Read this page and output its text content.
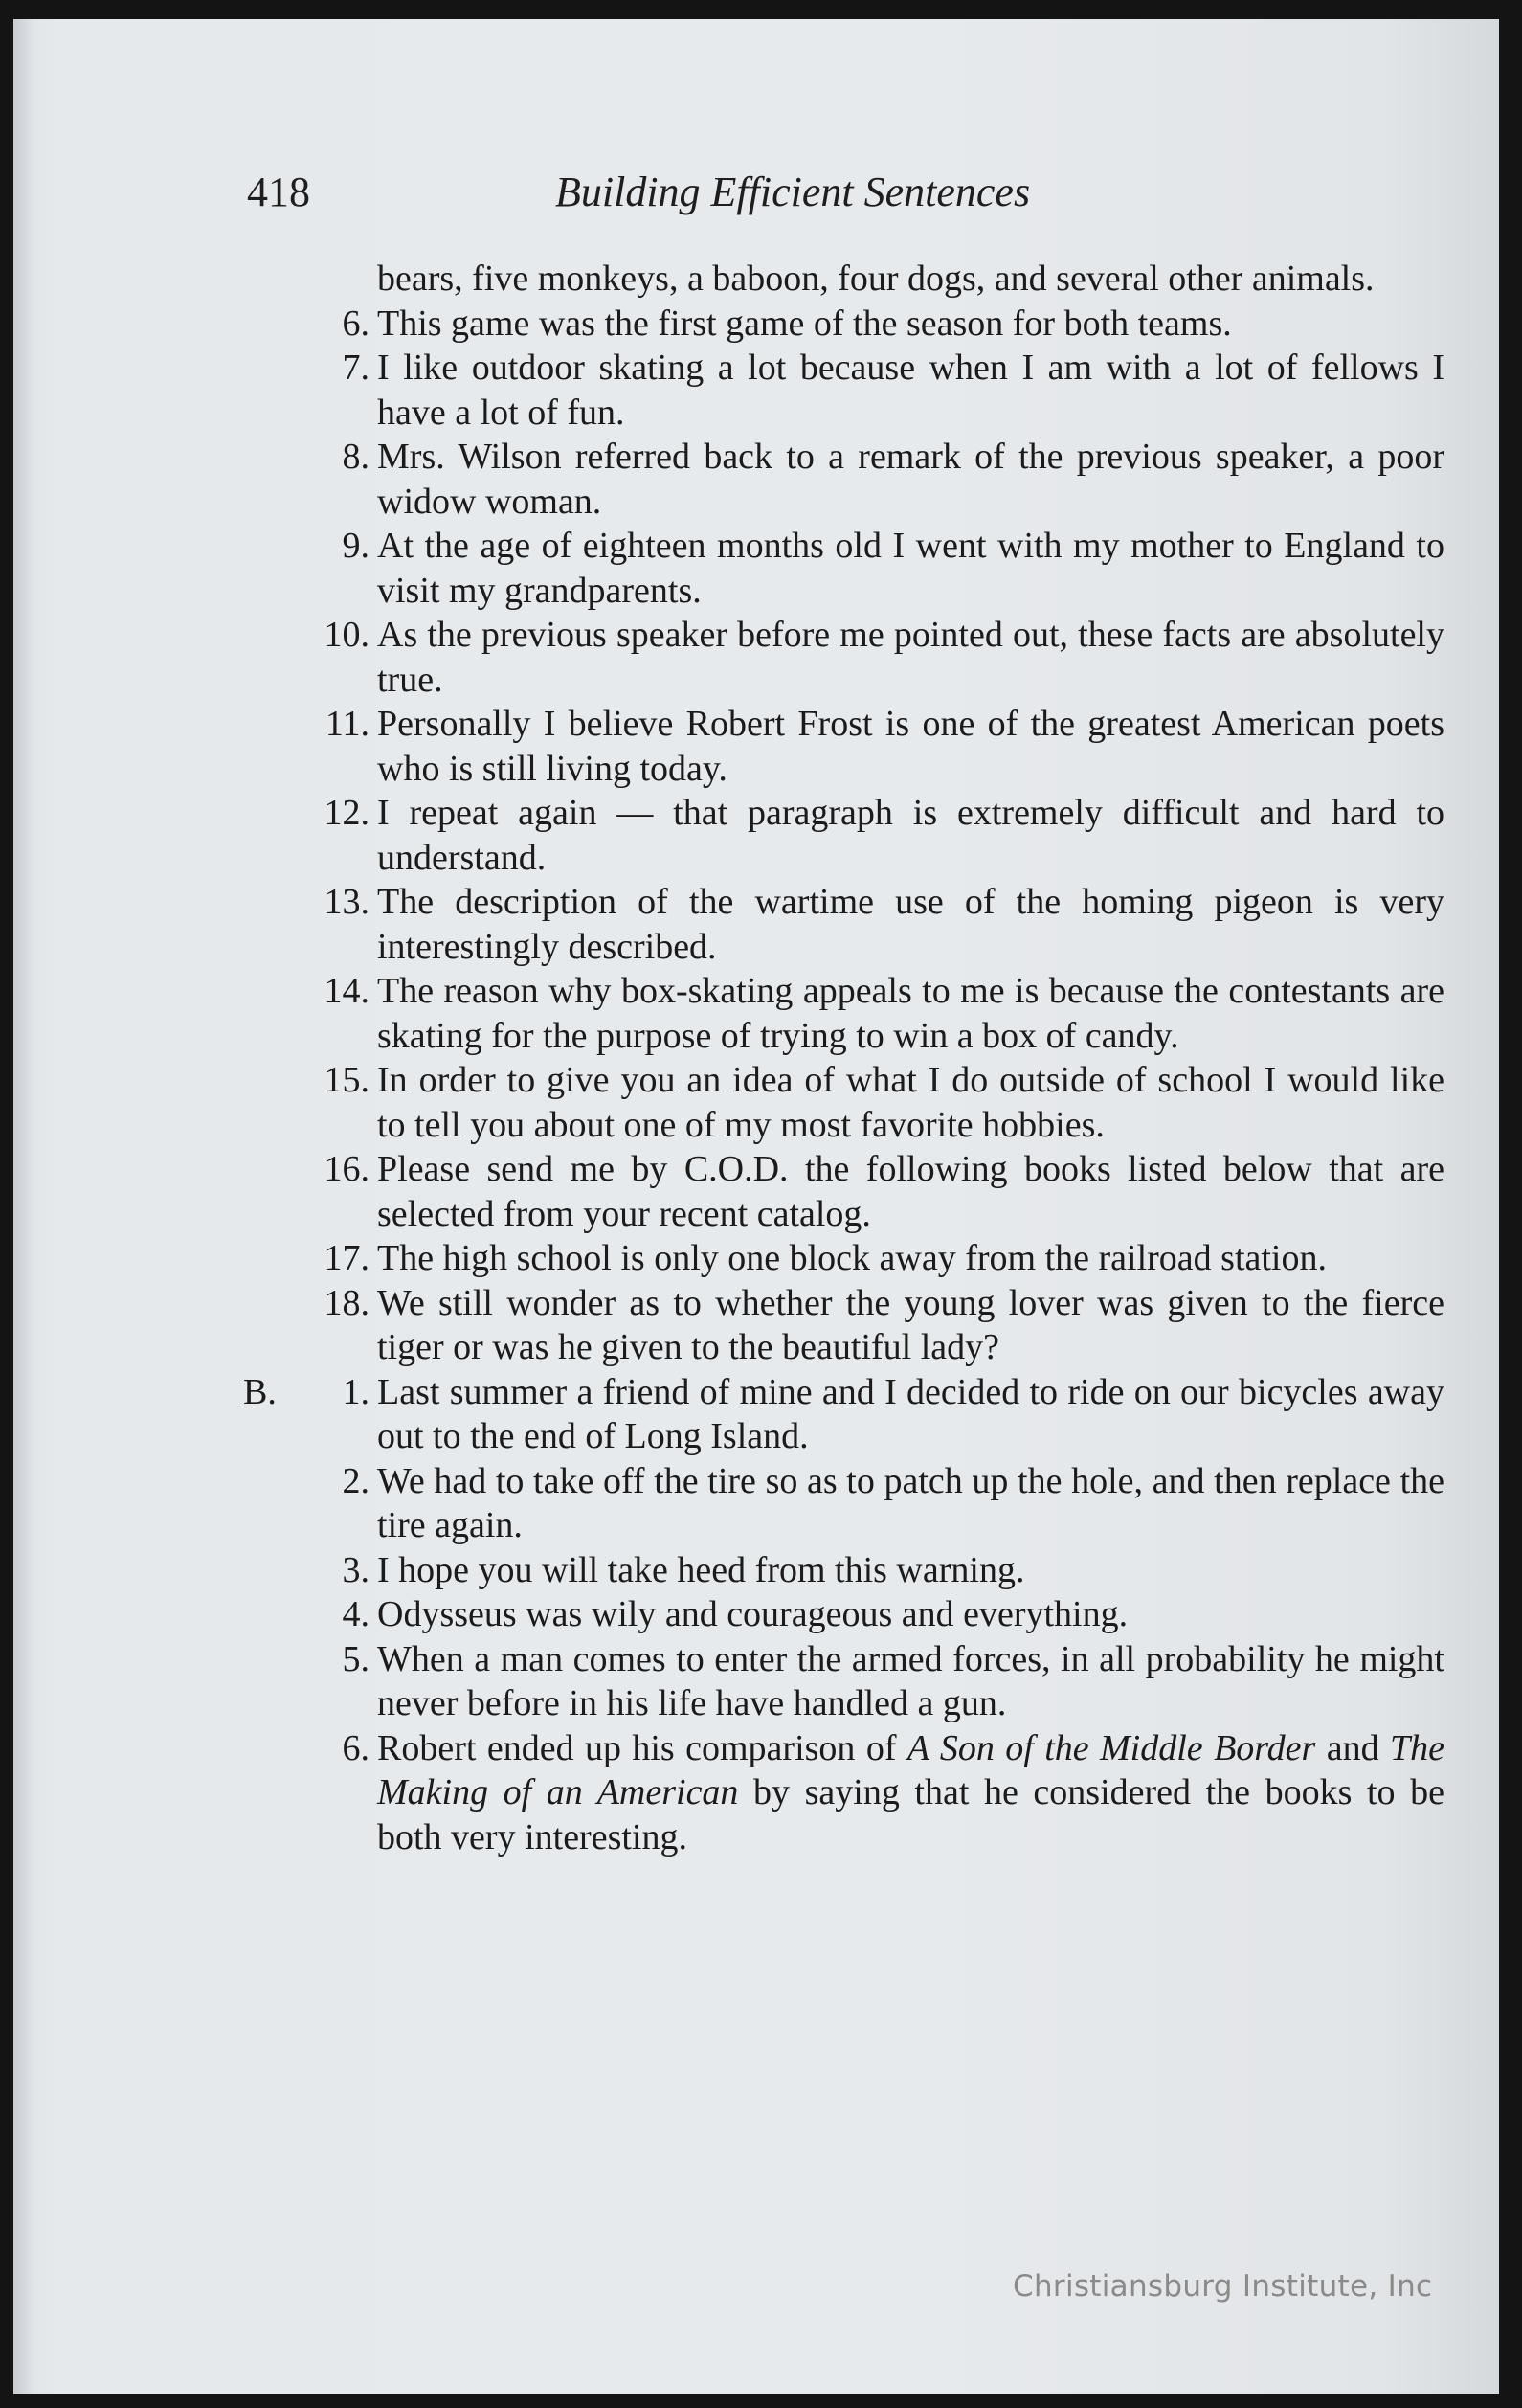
418	Building Efficient Sentences
bears, five monkeys, a baboon, four dogs, and several other animals.
6. This game was the first game of the season for both teams.
7. I like outdoor skating a lot because when I am with a lot of fellows I have a lot of fun.
8. Mrs. Wilson referred back to a remark of the previous speaker, a poor widow woman.
9. At the age of eighteen months old I went with my mother to England to visit my grandparents.
10. As the previous speaker before me pointed out, these facts are absolutely true.
11. Personally I believe Robert Frost is one of the greatest American poets who is still living today.
12. I repeat again — that paragraph is extremely difficult and hard to understand.
13. The description of the wartime use of the homing pigeon is very interestingly described.
14. The reason why box-skating appeals to me is because the contestants are skating for the purpose of trying to win a box of candy.
15. In order to give you an idea of what I do outside of school I would like to tell you about one of my most favorite hobbies.
16. Please send me by C.O.D. the following books listed below that are selected from your recent catalog.
17. The high school is only one block away from the railroad station.
18. We still wonder as to whether the young lover was given to the fierce tiger or was he given to the beautiful lady?
B.	1. Last summer a friend of mine and I decided to ride on our bicycles away out to the end of Long Island.
2. We had to take off the tire so as to patch up the hole, and then replace the tire again.
3. I hope you will take heed from this warning.
4. Odysseus was wily and courageous and everything.
5. When a man comes to enter the armed forces, in all probability he might never before in his life have handled a gun.
6. Robert ended up his comparison of A Son of the Middle Border and The Making of an American by saying that he considered the books to be both very interesting.
Christiansburg Institute, Inc
